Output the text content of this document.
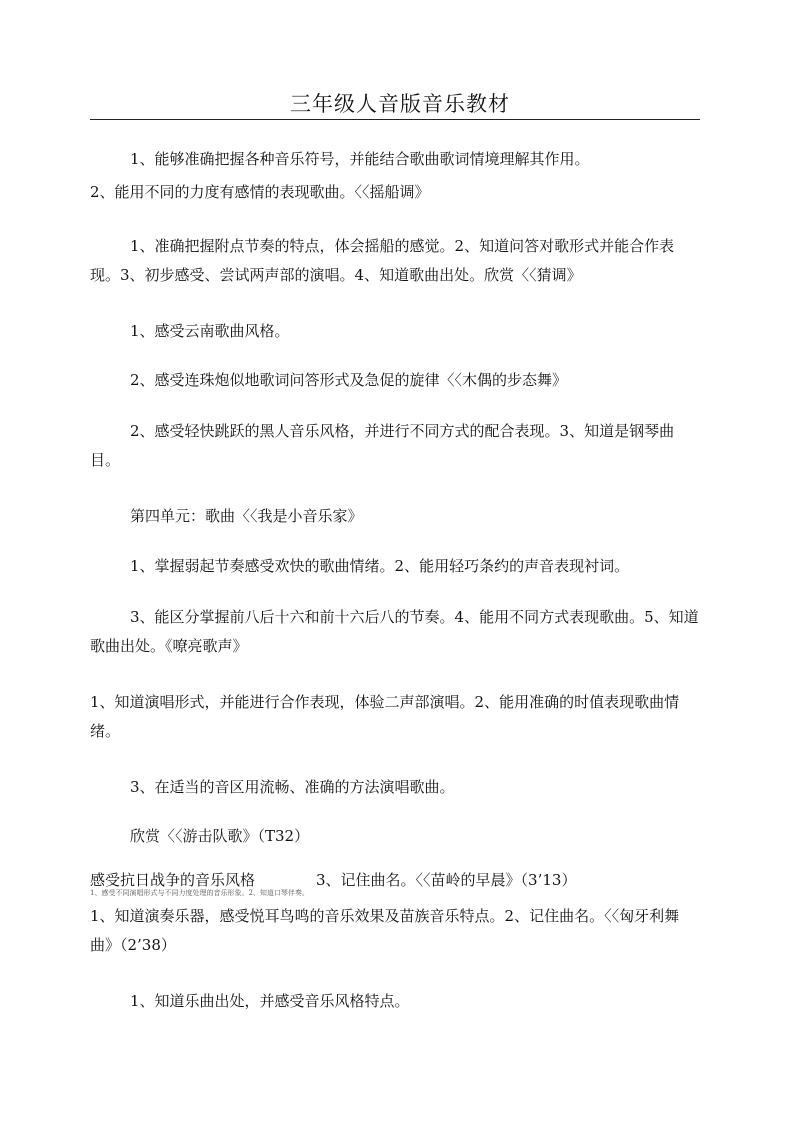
三年级人音版音乐教材
1、能够准确把握各种音乐符号，并能结合歌曲歌词情境理解其作用。
2、能用不同的力度有感情的表现歌曲。〈〈摇船调》
1、准确把握附点节奏的特点，体会摇船的感觉。2、知道问答对歌形式并能合作表现。3、初步感受、尝试两声部的演唱。4、知道歌曲出处。欣赏〈〈猜调》
1、感受云南歌曲风格。
2、感受连珠炮似地歌词问答形式及急促的旋律〈〈木偶的步态舞》
2、感受轻快跳跃的黑人音乐风格，并进行不同方式的配合表现。3、知道是钢琴曲目。
第四单元：歌曲〈〈我是小音乐家》
1、掌握弱起节奏感受欢快的歌曲情绪。2、能用轻巧条约的声音表现衬词。
3、能区分掌握前八后十六和前十六后八的节奏。4、能用不同方式表现歌曲。5、知道歌曲出处。《嘹亮歌声》
1、知道演唱形式，并能进行合作表现，体验二声部演唱。2、能用准确的时值表现歌曲情绪。
3、在适当的音区用流畅、准确的方法演唱歌曲。
欣赏〈〈游击队歌》（T32）
感受抗日战争的音乐风格	3、记住曲名。〈〈苗岭的早晨》（3’13）
1、感受不同演唱形式与不同力度处理的音乐形象。2、知道口琴伴奏。
1、知道演奏乐器，感受悦耳鸟鸣的音乐效果及苗族音乐特点。2、记住曲名。〈〈匈牙利舞曲》（2’38）
1、知道乐曲出处，并感受音乐风格特点。
